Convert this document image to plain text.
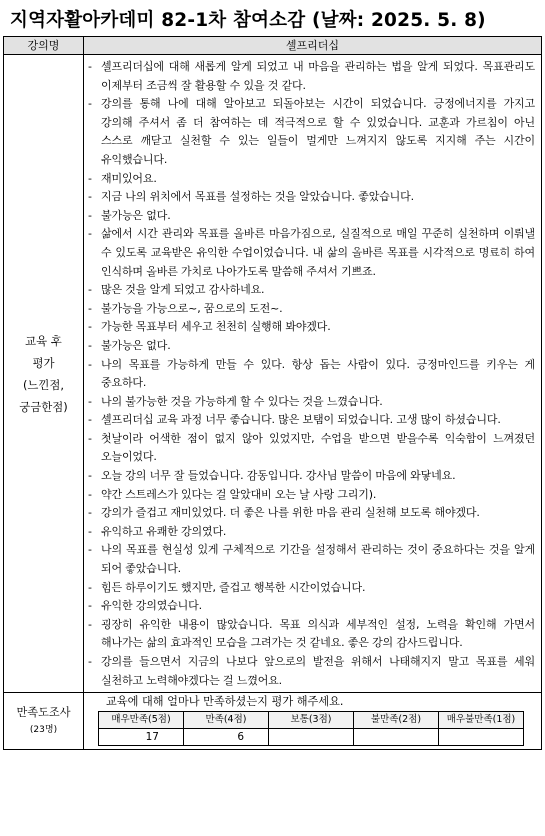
지역자활아카데미 82-1차 참여소감 (날짜: 2025. 5. 8)
강의명	셀프리더십

교육 후
평가
(느낀점,
궁금한점)

- 셀프리더십에 대해 새롭게 알게 되었고 내 마음을 관리하는 법을 알게 되었다. 목표관리도 이제부터 조금씩 잘 활용할 수 있을 것 같다.
- 강의를 통해 나에 대해 알아보고 되돌아보는 시간이 되었습니다. 긍정에너지를 가지고 강의해 주셔서 좀 더 참여하는 데 적극적으로 할 수 있었습니다. 교훈과 가르침이 아닌 스스로 깨닫고 실천할 수 있는 일들이 멀게만 느껴지지 않도록 지지해 주는 시간이 유익했습니다.
- 재미있어요.
- 지금 나의 위치에서 목표를 설정하는 것을 알았습니다. 좋았습니다.
- 불가능은 없다.
- 삶에서 시간 관리와 목표를 올바른 마음가짐으로, 실질적으로 매일 꾸준히 실천하며 이뤄낼 수 있도록 교육받은 유익한 수업이었습니다. 내 삶의 올바른 목표를 시각적으로 명료히 하여 인식하며 올바른 가치로 나아가도록 말씀해 주셔서 기쁘죠.
- 많은 것을 알게 되었고 감사하네요.
- 불가능을 가능으로~, 꿈으로의 도전~.
- 가능한 목표부터 세우고 천천히 실행해 봐야겠다.
- 불가능은 없다.
- 나의 목표를 가능하게 만들 수 있다. 항상 돕는 사람이 있다. 긍정마인드를 키우는 게 중요하다.
- 나의 불가능한 것을 가능하게 할 수 있다는 것을 느꼈습니다.
- 셀프리더십 교육 과정 너무 좋습니다. 많은 보탬이 되었습니다. 고생 많이 하셨습니다.
- 첫날이라 어색한 점이 없지 않아 있었지만, 수업을 받으면 받을수록 익숙함이 느껴졌던 오늘이었다.
- 오늘 강의 너무 잘 들었습니다. 감동입니다. 강사님 말씀이 마음에 와닿네요.
- 약간 스트레스가 있다는 걸 알았대비 오는 날 사랑 그리기).
- 강의가 즐겁고 재미있었다. 더 좋은 나를 위한 마음 관리 실천해 보도록 해야겠다.
- 유익하고 유쾌한 강의였다.
- 나의 목표를 현실성 있게 구체적으로 기간을 설정해서 관리하는 것이 중요하다는 것을 알게 되어 좋았습니다.
- 힘든 하루이기도 했지만, 즐겁고 행복한 시간이었습니다.
- 유익한 강의였습니다.
- 굉장히 유익한 내용이 많았습니다. 목표 의식과 세부적인 설정, 노력을 확인해 가면서 해나가는 삶의 효과적인 모습을 그려가는 것 같네요. 좋은 강의 감사드립니다.
- 강의를 들으면서 지금의 나보다 앞으로의 발전을 위해서 나태해지지 말고 목표를 세워 실천하고 노력해야겠다는 걸 느꼈어요.

만족도조사
(23명)

교육에 대해 얼마나 만족하셨는지 평가 해주세요.
매우만족(5점)	만족(4점)	보통(3점)	불만족(2점)	매우불만족(1점)
17	6			
